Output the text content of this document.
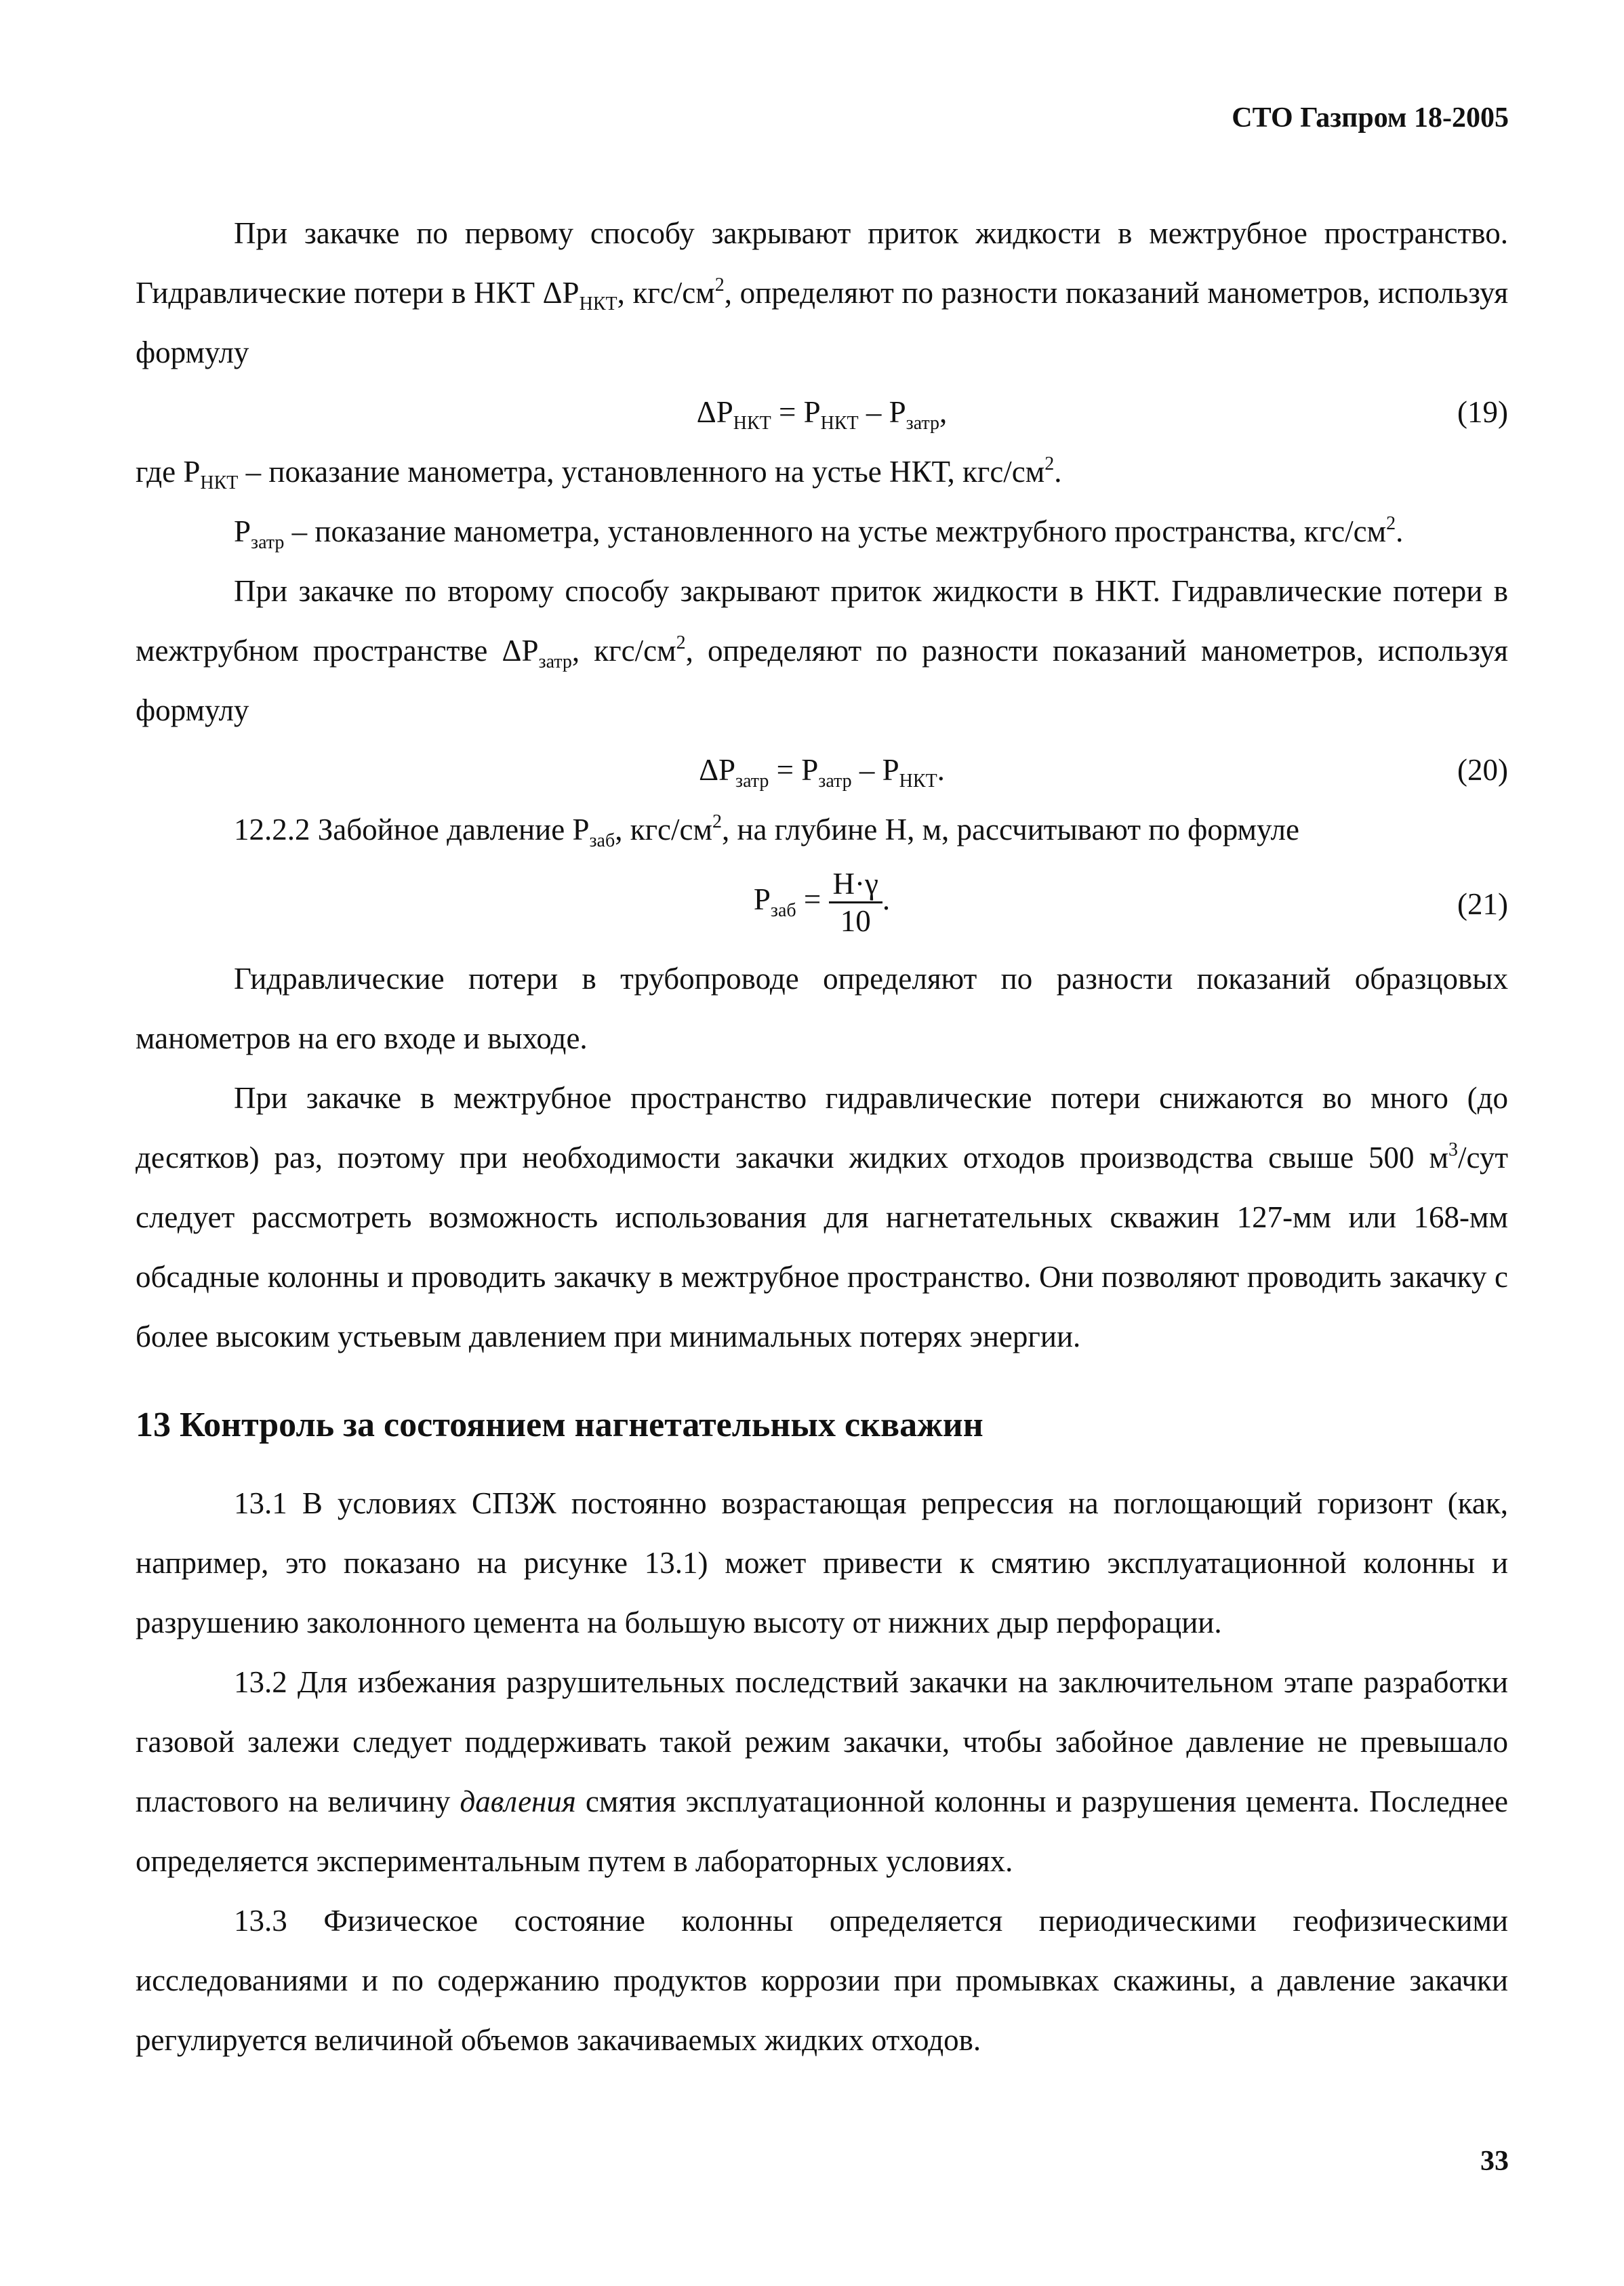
СТО Газпром 18-2005

При закачке по первому способу закрывают приток жидкости в межтрубное пространство. Гидравлические потери в НКТ $\Delta P_{НКТ}$, кгс/$см^2$, определяют по разности показаний манометров, используя формулу

$\Delta P_{НКТ} = P_{НКТ} - P_{затр}$,	(19)

где $P_{НКТ}$ – показание манометра, установленного на устье НКТ, кгс/$см^2$.

$P_{затр}$ – показание манометра, установленного на устье межтрубного пространства, кгс/$см^2$.

При закачке по второму способу закрывают приток жидкости в НКТ. Гидравлические потери в межтрубном пространстве $\Delta P_{затр}$, кгс/$см^2$, определяют по разности показаний манометров, используя формулу

$\Delta P_{затр} = P_{затр} - P_{НКТ}$.	(20)

12.2.2 Забойное давление $P_{заб}$, кгс/$см^2$, на глубине H, м, рассчитывают по формуле

$P_{заб} = \frac{H\cdot\gamma}{10}$ .	(21)

Гидравлические потери в трубопроводе определяют по разности показаний образцовых манометров на его входе и выходе.

При закачке в межтрубное пространство гидравлические потери снижаются во много (до десятков) раз, поэтому при необходимости закачки жидких отходов производства свыше 500 $м^3$/сут следует рассмотреть возможность использования для нагнетательных скважин 127-мм или 168-мм обсадные колонны и проводить закачку в межтрубное пространство. Они позволяют проводить закачку с более высоким устьевым давлением при минимальных потерях энергии.

13 Контроль за состоянием нагнетательных скважин

13.1 В условиях СПЗЖ постоянно возрастающая репрессия на поглощающий горизонт (как, например, это показано на рисунке 13.1) может привести к смятию эксплуатационной колонны и разрушению заколонного цемента на большую высоту от нижних дыр перфорации.

13.2 Для избежания разрушительных последствий закачки на заключительном этапе разработки газовой залежи следует поддерживать такой режим закачки, чтобы забойное давление не превышало пластового на величину давления смятия эксплуатационной колонны и разрушения цемента. Последнее определяется экспериментальным путем в лабораторных условиях.

13.3 Физическое состояние колонны определяется периодическими геофизическими исследованиями и по содержанию продуктов коррозии при промывках скажины, а давление закачки регулируется величиной объемов закачиваемых жидких отходов.

33
